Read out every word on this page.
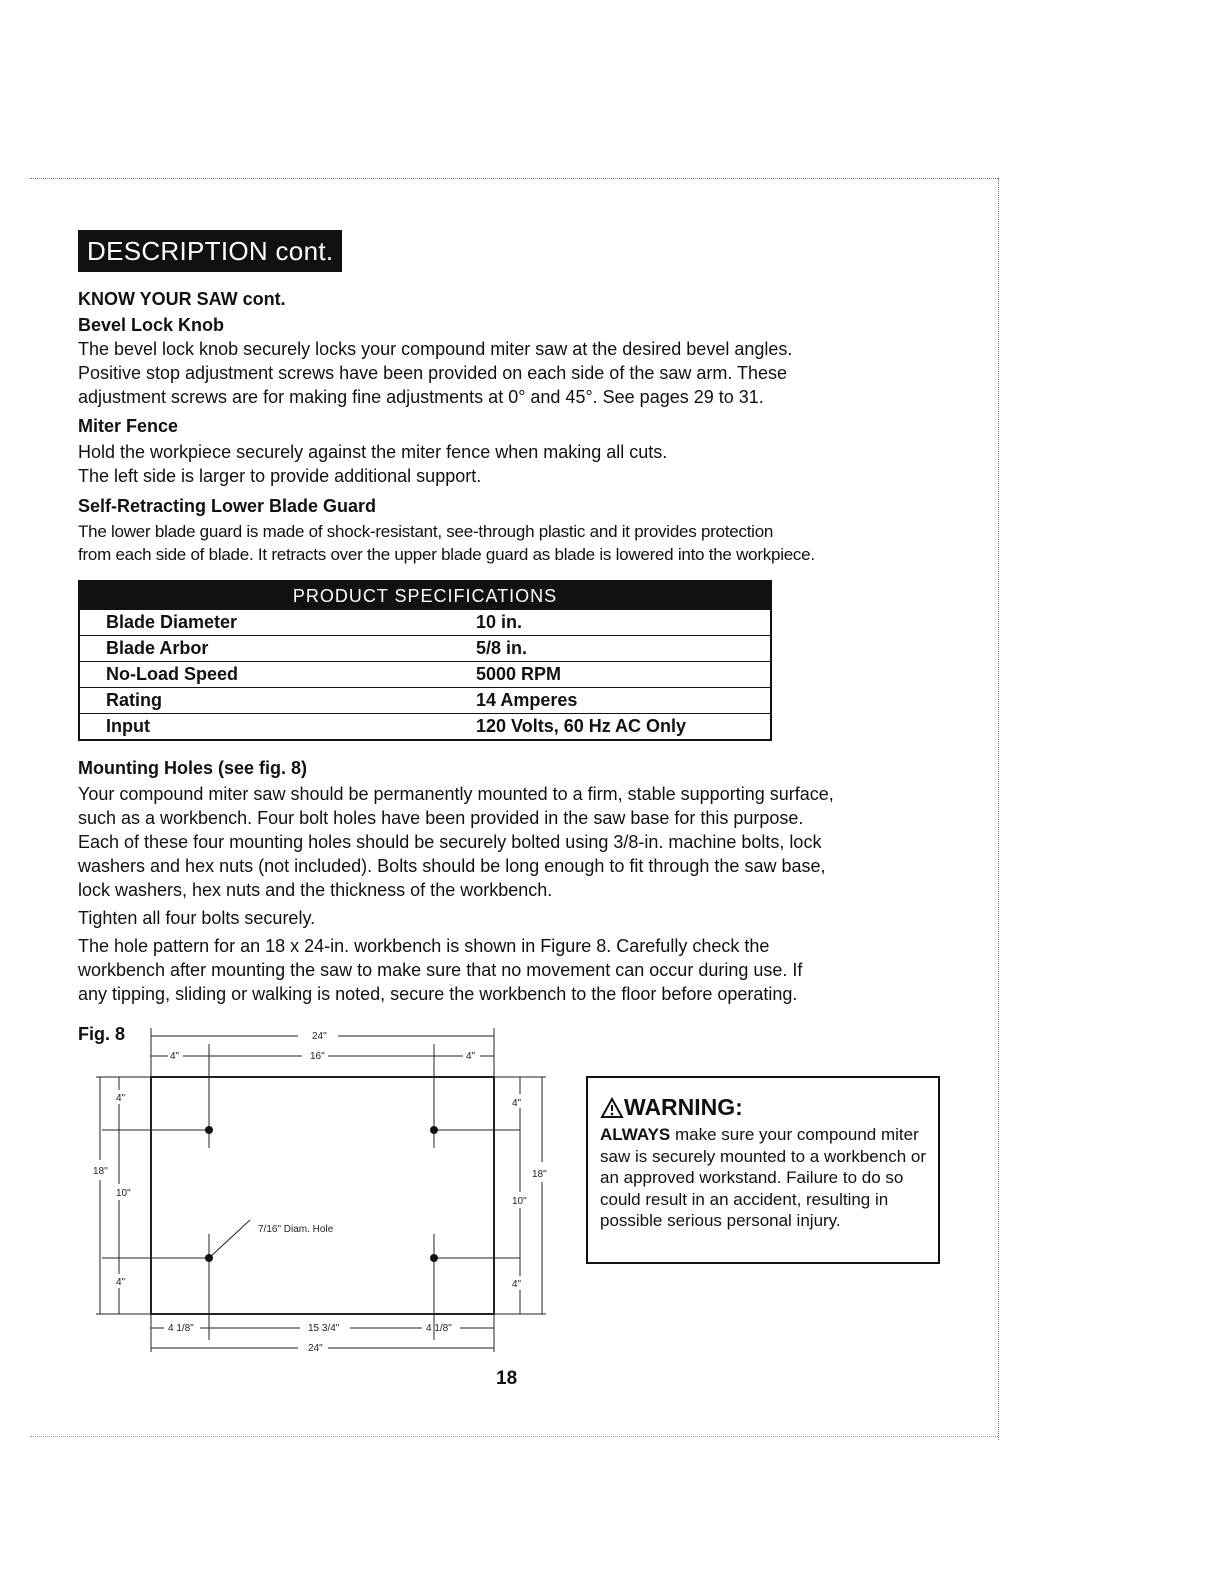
DESCRIPTION cont.
KNOW YOUR SAW cont.
Bevel Lock Knob
The bevel lock knob securely locks your compound miter saw at the desired bevel angles.
Positive stop adjustment screws have been provided on each side of the saw arm. These
adjustment screws are for making fine adjustments at 0° and 45°. See pages 29 to 31.
Miter Fence
Hold the workpiece securely against the miter fence when making all cuts.
The left side is larger to provide additional support.
Self-Retracting Lower Blade Guard
The lower blade guard is made of shock-resistant, see-through plastic and it provides protection
from each side of blade. It retracts over the upper blade guard as blade is lowered into the workpiece.
PRODUCT SPECIFICATIONS
Blade Diameter	10 in.
Blade Arbor	5/8 in.
No-Load Speed	5000 RPM
Rating	14 Amperes
Input	120 Volts, 60 Hz AC Only
Mounting Holes (see fig. 8)
Your compound miter saw should be permanently mounted to a firm, stable supporting surface,
such as a workbench. Four bolt holes have been provided in the saw base for this purpose.
Each of these four mounting holes should be securely bolted using 3/8-in. machine bolts, lock
washers and hex nuts (not included). Bolts should be long enough to fit through the saw base,
lock washers, hex nuts and the thickness of the workbench.
Tighten all four bolts securely.
The hole pattern for an 18 x 24-in. workbench is shown in Figure 8. Carefully check the
workbench after mounting the saw to make sure that no movement can occur during use. If
any tipping, sliding or walking is noted, secure the workbench to the floor before operating.
Fig. 8	24"
4"	16"	4"
4"
18"
10"
4"
4"
18"
10"
4"
7/16" Diam. Hole
4 1/8"	15 3/4"	4 1/8"
24"
WARNING:
ALWAYS make sure your compound miter saw is securely mounted to a workbench or an approved workstand. Failure to do so could result in an accident, resulting in possible serious personal injury.
18
